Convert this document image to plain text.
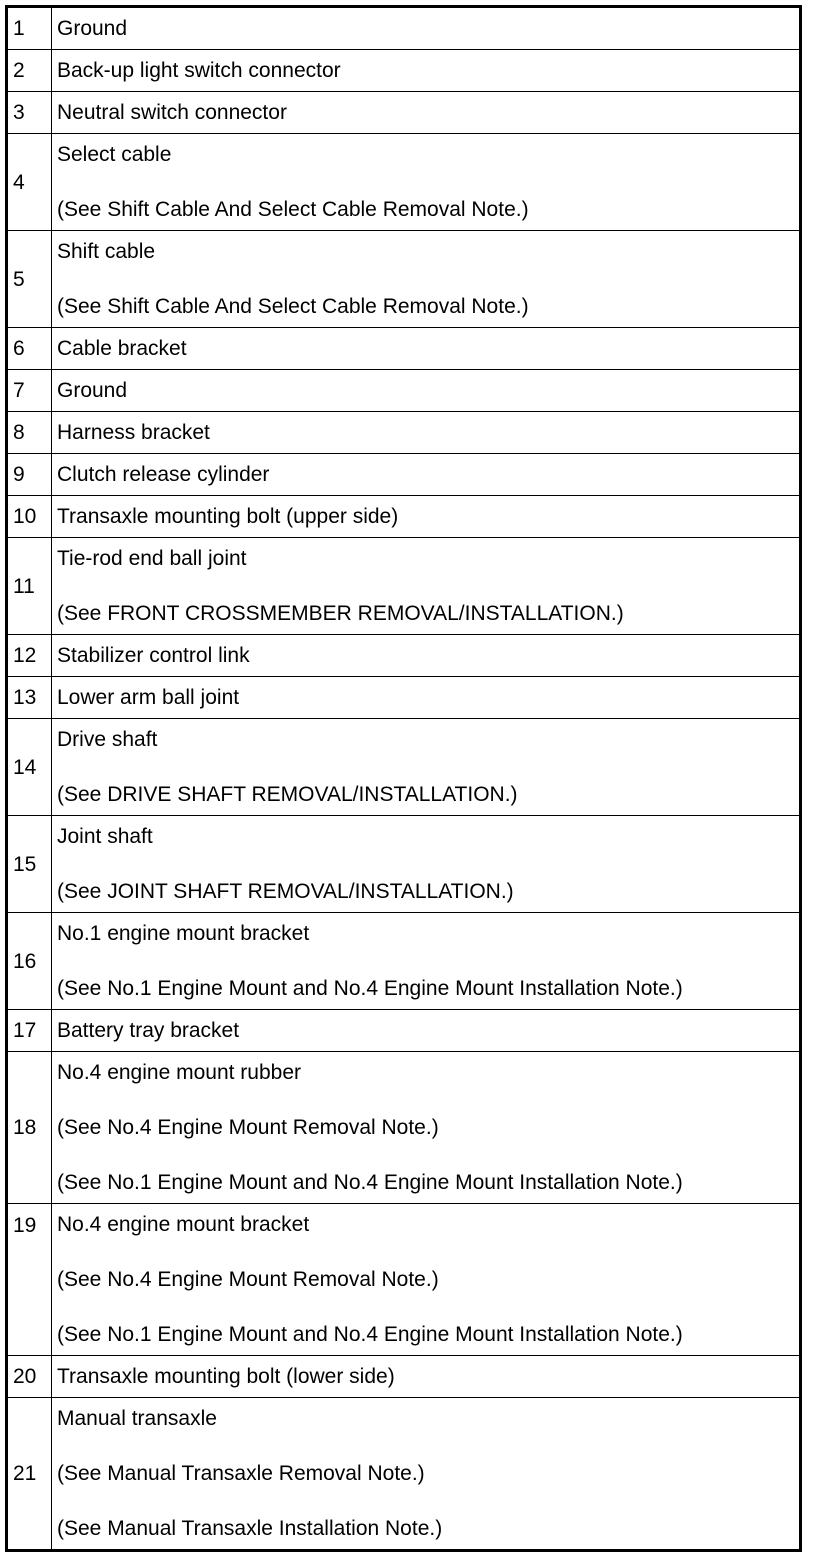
1	Ground

2	Back-up light switch connector

3	Neutral switch connector

4	Select cable
(See Shift Cable And Select Cable Removal Note.)

5	Shift cable
(See Shift Cable And Select Cable Removal Note.)

6	Cable bracket

7	Ground

8	Harness bracket

9	Clutch release cylinder

10	Transaxle mounting bolt (upper side)

11	Tie-rod end ball joint
(See FRONT CROSSMEMBER REMOVAL/INSTALLATION.)

12	Stabilizer control link

13	Lower arm ball joint

14	Drive shaft
(See DRIVE SHAFT REMOVAL/INSTALLATION.)

15	Joint shaft
(See JOINT SHAFT REMOVAL/INSTALLATION.)

16	No.1 engine mount bracket
(See No.1 Engine Mount and No.4 Engine Mount Installation Note.)

17	Battery tray bracket

18	No.4 engine mount rubber
(See No.4 Engine Mount Removal Note.)
(See No.1 Engine Mount and No.4 Engine Mount Installation Note.)

19	No.4 engine mount bracket
(See No.4 Engine Mount Removal Note.)
(See No.1 Engine Mount and No.4 Engine Mount Installation Note.)

20	Transaxle mounting bolt (lower side)

21	Manual transaxle
(See Manual Transaxle Removal Note.)
(See Manual Transaxle Installation Note.)
